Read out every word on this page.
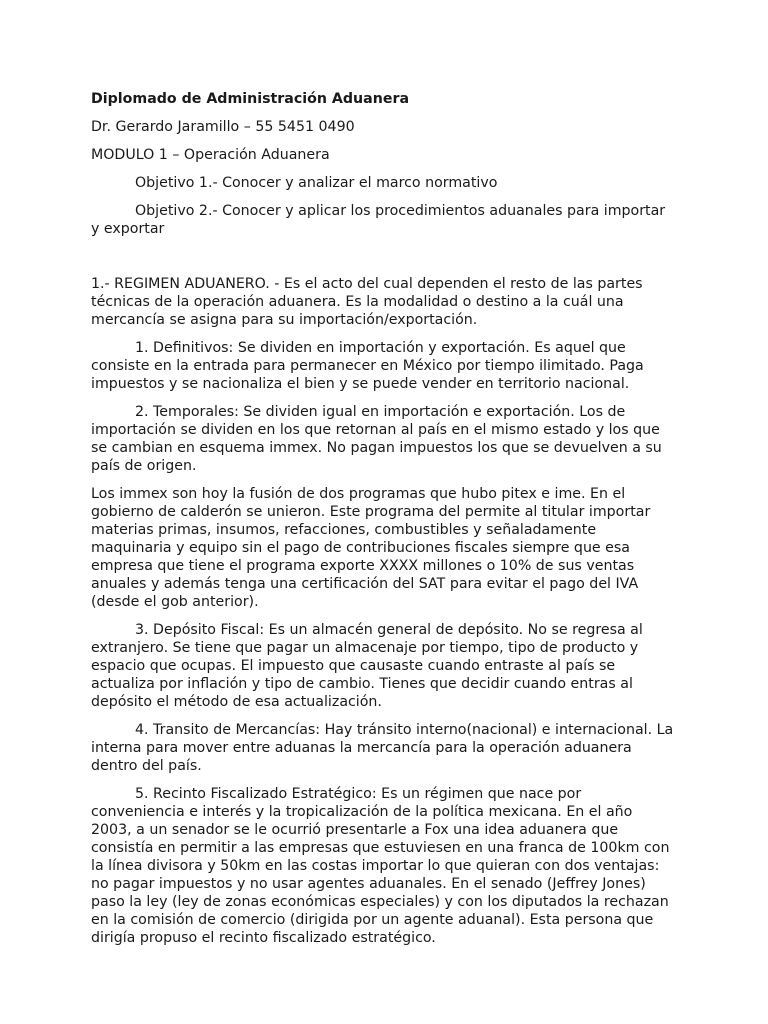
Diplomado de Administración Aduanera

Dr. Gerardo Jaramillo – 55 5451 0490

MODULO 1 – Operación Aduanera

Objetivo 1.- Conocer y analizar el marco normativo

Objetivo 2.- Conocer y aplicar los procedimientos aduanales para importar y exportar

1.- REGIMEN ADUANERO. - Es el acto del cual dependen el resto de las partes técnicas de la operación aduanera. Es la modalidad o destino a la cuál una mercancía se asigna para su importación/exportación.

1. Definitivos: Se dividen en importación y exportación. Es aquel que consiste en la entrada para permanecer en México por tiempo ilimitado. Paga impuestos y se nacionaliza el bien y se puede vender en territorio nacional.

2. Temporales: Se dividen igual en importación e exportación. Los de importación se dividen en los que retornan al país en el mismo estado y los que se cambian en esquema immex. No pagan impuestos los que se devuelven a su país de origen.

Los immex son hoy la fusión de dos programas que hubo pitex e ime. En el gobierno de calderón se unieron. Este programa del permite al titular importar materias primas, insumos, refacciones, combustibles y señaladamente maquinaria y equipo sin el pago de contribuciones fiscales siempre que esa empresa que tiene el programa exporte XXXX millones o 10% de sus ventas anuales y además tenga una certificación del SAT para evitar el pago del IVA (desde el gob anterior).

3. Depósito Fiscal: Es un almacén general de depósito. No se regresa al extranjero. Se tiene que pagar un almacenaje por tiempo, tipo de producto y espacio que ocupas. El impuesto que causaste cuando entraste al país se actualiza por inflación y tipo de cambio. Tienes que decidir cuando entras al depósito el método de esa actualización.

4. Transito de Mercancías: Hay tránsito interno(nacional) e internacional. La interna para mover entre aduanas la mercancía para la operación aduanera dentro del país.

5. Recinto Fiscalizado Estratégico: Es un régimen que nace por conveniencia e interés y la tropicalización de la política mexicana. En el año 2003, a un senador se le ocurrió presentarle a Fox una idea aduanera que consistía en permitir a las empresas que estuviesen en una franca de 100km con la línea divisora y 50km en las costas importar lo que quieran con dos ventajas: no pagar impuestos y no usar agentes aduanales. En el senado (Jeffrey Jones) paso la ley (ley de zonas económicas especiales) y con los diputados la rechazan en la comisión de comercio (dirigida por un agente aduanal). Esta persona que dirigía propuso el recinto fiscalizado estratégico.
